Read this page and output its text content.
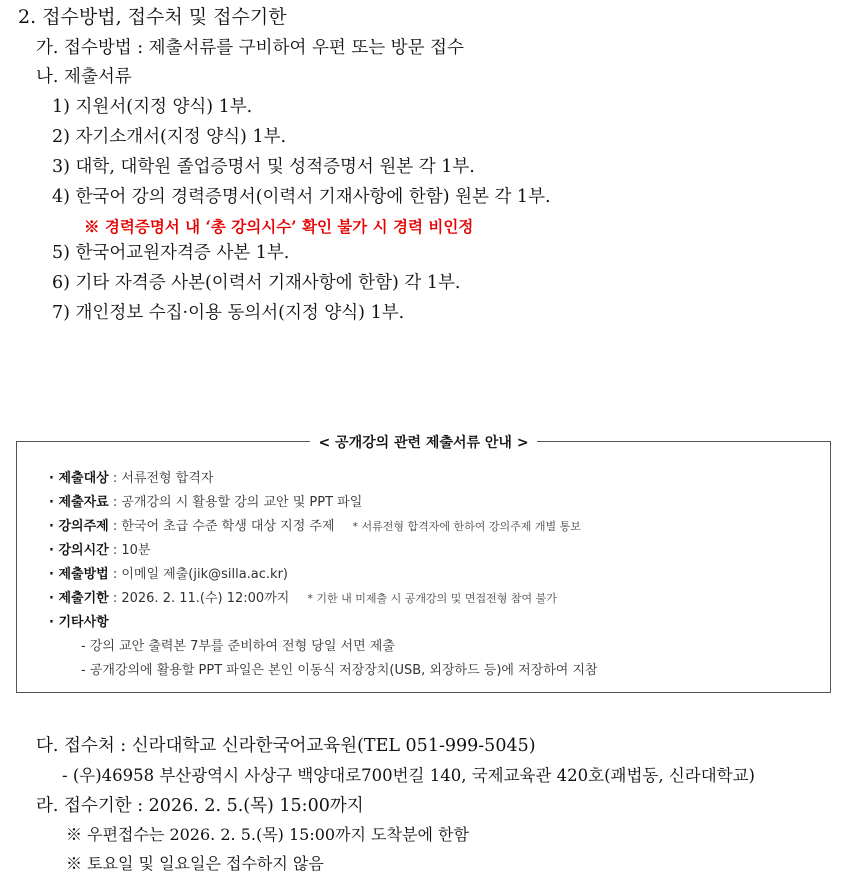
2. 접수방법, 접수처 및 접수기한
가. 접수방법 : 제출서류를 구비하여 우편 또는 방문 접수
나. 제출서류
1) 지원서(지정 양식) 1부.
2) 자기소개서(지정 양식) 1부.
3) 대학, 대학원 졸업증명서 및 성적증명서 원본 각 1부.
4) 한국어 강의 경력증명서(이력서 기재사항에 한함) 원본 각 1부.
※ 경력증명서 내 ‘총 강의시수’ 확인 불가 시 경력 비인정
5) 한국어교원자격증 사본 1부.
6) 기타 자격증 사본(이력서 기재사항에 한함) 각 1부.
7) 개인정보 수집·이용 동의서(지정 양식) 1부.
< 공개강의 관련 제출서류 안내 >
· 제출대상 : 서류전형 합격자
· 제출자료 : 공개강의 시 활용할 강의 교안 및 PPT 파일
· 강의주제 : 한국어 초급 수준 학생 대상 지정 주제 * 서류전형 합격자에 한하여 강의주제 개별 통보
· 강의시간 : 10분
· 제출방법 : 이메일 제출(jik@silla.ac.kr)
· 제출기한 : 2026. 2. 11.(수) 12:00까지 * 기한 내 미제출 시 공개강의 및 면접전형 참여 불가
· 기타사항
- 강의 교안 출력본 7부를 준비하여 전형 당일 서면 제출
- 공개강의에 활용할 PPT 파일은 본인 이동식 저장장치(USB, 외장하드 등)에 저장하여 지참
다. 접수처 : 신라대학교 신라한국어교육원(TEL 051-999-5045)
- (우)46958 부산광역시 사상구 백양대로700번길 140, 국제교육관 420호(괘법동, 신라대학교)
라. 접수기한 : 2026. 2. 5.(목) 15:00까지
※ 우편접수는 2026. 2. 5.(목) 15:00까지 도착분에 한함
※ 토요일 및 일요일은 접수하지 않음
